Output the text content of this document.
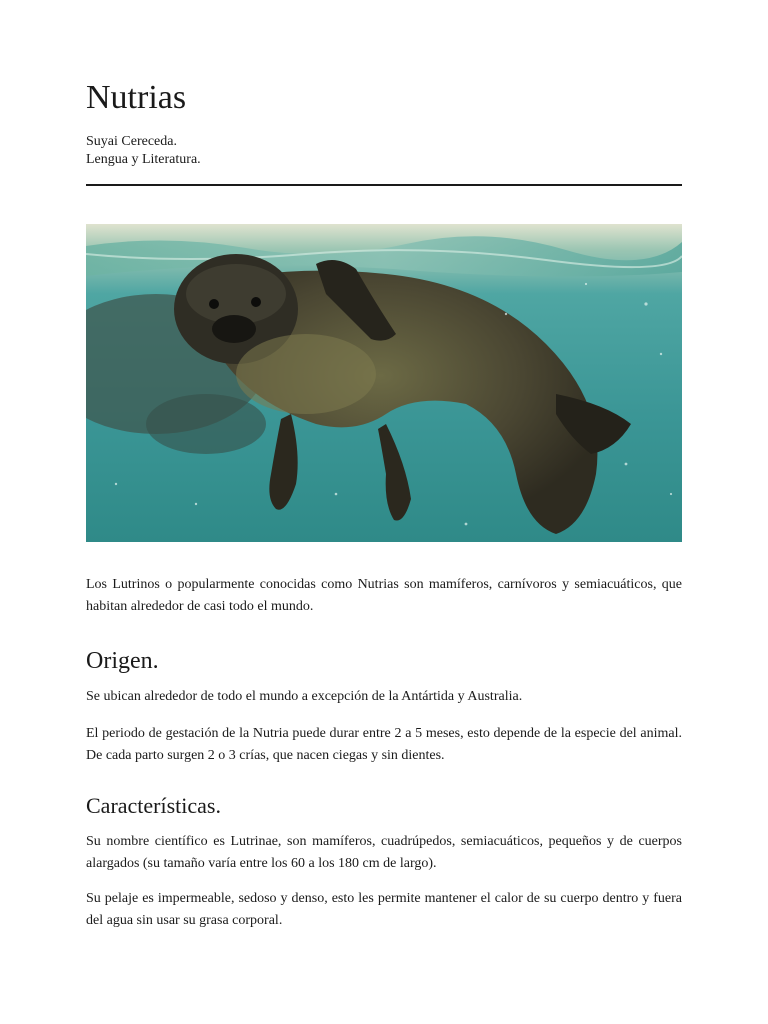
Nutrias
Suyai Cereceda.
Lengua y Literatura.

Los Lutrinos o popularmente conocidas como Nutrias son mamíferos, carnívoros y semiacuáticos, que habitan alrededor de casi todo el mundo.

Origen.

Se ubican alrededor de todo el mundo a excepción de la Antártida y Australia.

El periodo de gestación de la Nutria puede durar entre 2 a 5 meses, esto depende de la especie del animal. De cada parto surgen 2 o 3 crías, que nacen ciegas y sin dientes.

Características.

Su nombre científico es Lutrinae, son mamíferos, cuadrúpedos, semiacuáticos, pequeños y de cuerpos alargados (su tamaño varía entre los 60 a los 180 cm de largo).

Su pelaje es impermeable, sedoso y denso, esto les permite mantener el calor de su cuerpo dentro y fuera del agua sin usar su grasa corporal.
